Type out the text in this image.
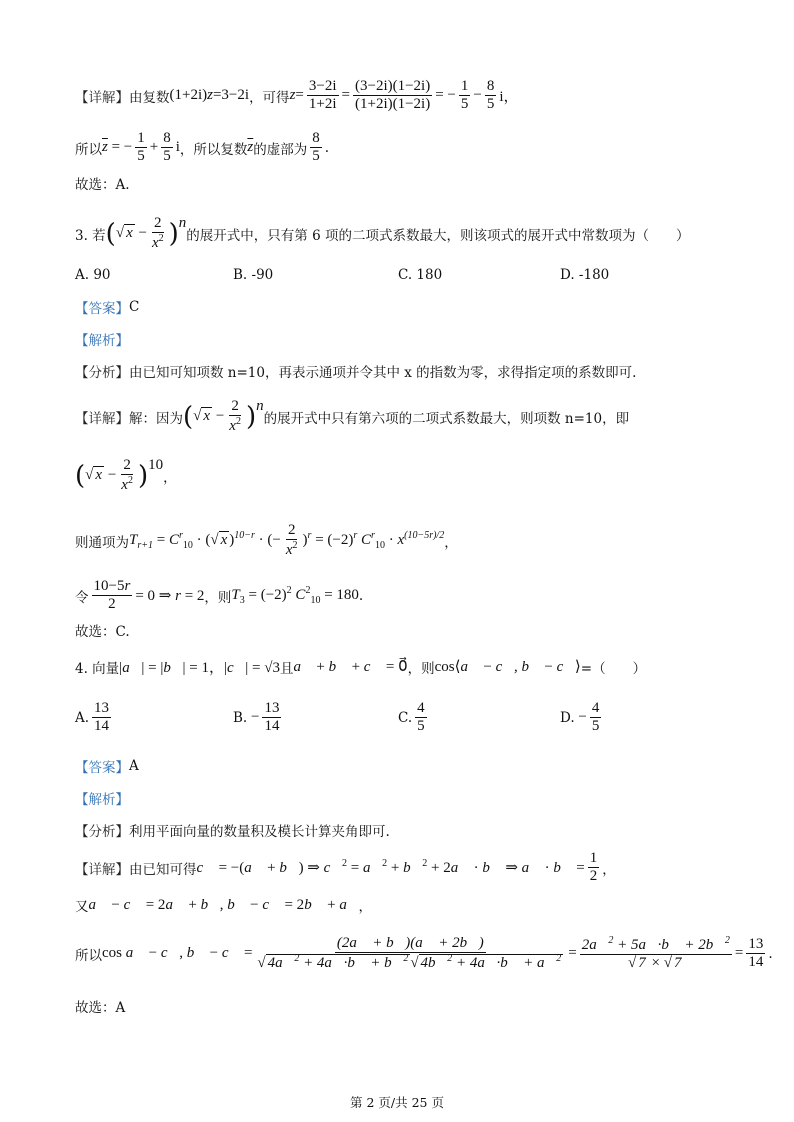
【详解】 由复数 (1+2i)z=3−2i ，可得 $z= \frac{3-2i}{1+2i} = \frac{(3-2i)(1-2i)}{(1+2i)(1-2i)}$ = − $\frac{1}{5} - \frac{8}{5}$ i，
所以 $\overline{z}$ = − $\frac{1}{5} + \frac{8}{5}$ i ，所以复数 $\overline{z}$ 的虚部为 $\frac{8}{5}$ .
故选：A.
3. 若 ( √ $x - \frac{2}{x^2}$ ) n
的展开式中，只有第 6 项的二项式系数最大，则该项式的展开式中常数项为（　　）
A. 90	B. -90	C. 180	D. -180
【答案】 C
【解析】
【分析】 由已知可知项数 n=10，再表示通项并令其中 x 的指数为零，求得指定项的系数即可.
【详解】 解：因为 ( √ $x - \frac{2}{x^2}$ ) n
的展开式中只有第六项的二项式系数最大，则项数 n=10，即
( √ $x - \frac{2}{x^2}$ ) 10
，
则通项为 $T_{r+1} = C^r_{10}$ · (√ x )$^{10-r}$ · (− $\frac{2}{x^2} )^r = (-2)^r$ $C^r_{10} \cdot x^{(10-5r)/2}$ ，
令 $\frac{10-5r}{2} = 0$ ⇒ r = 2 ，则 $T_3 = (-2)^2$ $C^2_{10} = 180$ .
故选：C.
4. 向量 |a⃗| = |b⃗| = 1，|c⃗| = √3 且 a⃗ + b⃗ + c⃗ = 0⃗ ，则 cos⟨a⃗ − c⃗, b⃗ − c⃗⟩ =（　　）
A. $\frac{13}{14}$	B. − $\frac{13}{14}$	C. $\frac{4}{5}$	D. − $\frac{4}{5}$
【答案】 A
【解析】
【分析】 利用平面向量的数量积及模长计算夹角即可.
【详解】 由已知可得 c⃗ = −(a⃗ + b⃗) ⇒ c⃗$^2$ = a⃗$^2$ + b⃗$^2$ + 2a⃗ · b⃗ ⇒ a⃗ · b⃗ = $\frac{1}{2}$ ，
又 a⃗ − c⃗ = 2a⃗ + b⃗, b⃗ − c⃗ = 2b⃗ + a⃗ ，
所以 cos a⃗ − c⃗, b⃗ − c⃗ = $\frac{(2a⃗ + b⃗)(a⃗ + 2b⃗)}{√ 4a⃗^2 + 4a⃗\cdot b⃗ + b⃗^2 √ 4b⃗^2 + 4a⃗\cdot b⃗ + a⃗^2} = \frac{2a⃗^2 + 5a⃗\cdot b⃗ + 2b⃗^2}{√ 7 \times √ 7} = \frac{13}{14}$ .
故选：A
第 2 页/共 25 页
